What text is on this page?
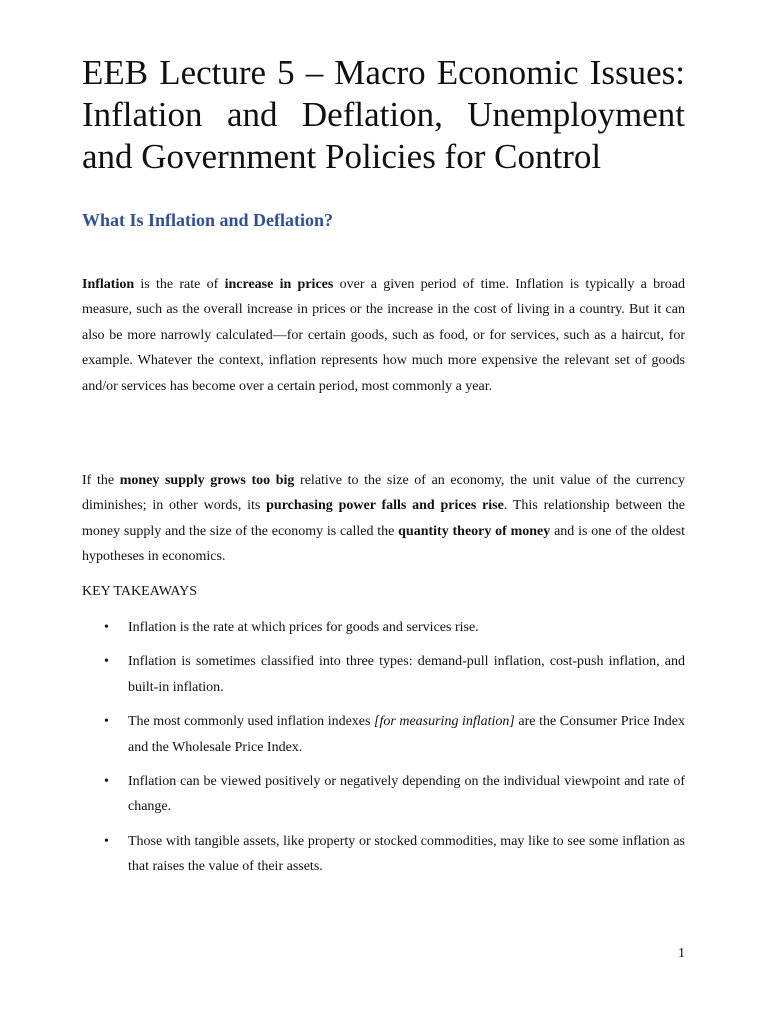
EEB Lecture 5 – Macro Economic Issues: Inflation and Deflation, Unemployment and Government Policies for Control
What Is Inflation and Deflation?

Inflation is the rate of increase in prices over a given period of time. Inflation is typically a broad measure, such as the overall increase in prices or the increase in the cost of living in a country. But it can also be more narrowly calculated—for certain goods, such as food, or for services, such as a haircut, for example. Whatever the context, inflation represents how much more expensive the relevant set of goods and/or services has become over a certain period, most commonly a year.

If the money supply grows too big relative to the size of an economy, the unit value of the currency diminishes; in other words, its purchasing power falls and prices rise. This relationship between the money supply and the size of the economy is called the quantity theory of money and is one of the oldest hypotheses in economics.

KEY TAKEAWAYS

• Inflation is the rate at which prices for goods and services rise.
• Inflation is sometimes classified into three types: demand-pull inflation, cost-push inflation, and built-in inflation.
• The most commonly used inflation indexes [for measuring inflation] are the Consumer Price Index and the Wholesale Price Index.
• Inflation can be viewed positively or negatively depending on the individual viewpoint and rate of change.
• Those with tangible assets, like property or stocked commodities, may like to see some inflation as that raises the value of their assets.
1
